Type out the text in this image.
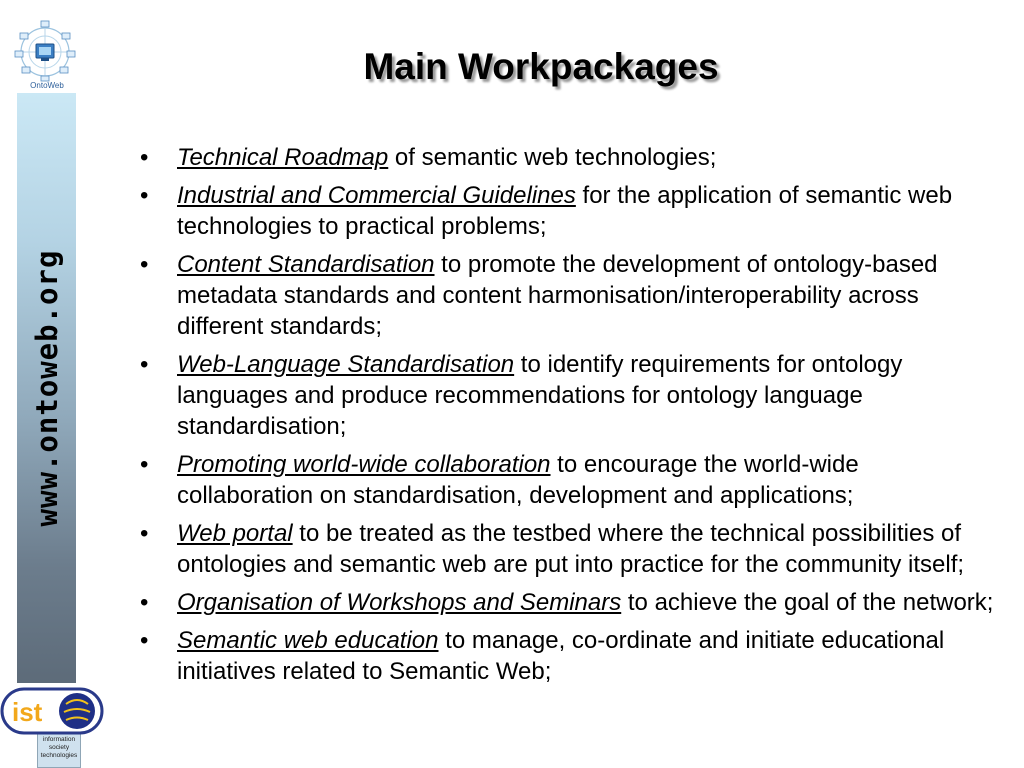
OntoWeb
www.ontoweb.org
ist
information society technologies
Main Workpackages
• Technical Roadmap of semantic web technologies;
• Industrial and Commercial Guidelines for the application of semantic web technologies to practical problems;
• Content Standardisation to promote the development of ontology-based metadata standards and content harmonisation/interoperability across different standards;
• Web-Language Standardisation to identify requirements for ontology languages and produce recommendations for ontology language standardisation;
• Promoting world-wide collaboration to encourage the world-wide collaboration on standardisation, development and applications;
• Web portal to be treated as the testbed where the technical possibilities of ontologies and semantic web are put into practice for the community itself;
• Organisation of Workshops and Seminars to achieve the goal of the network;
• Semantic web education to manage, co-ordinate and initiate educational initiatives related to Semantic Web;
